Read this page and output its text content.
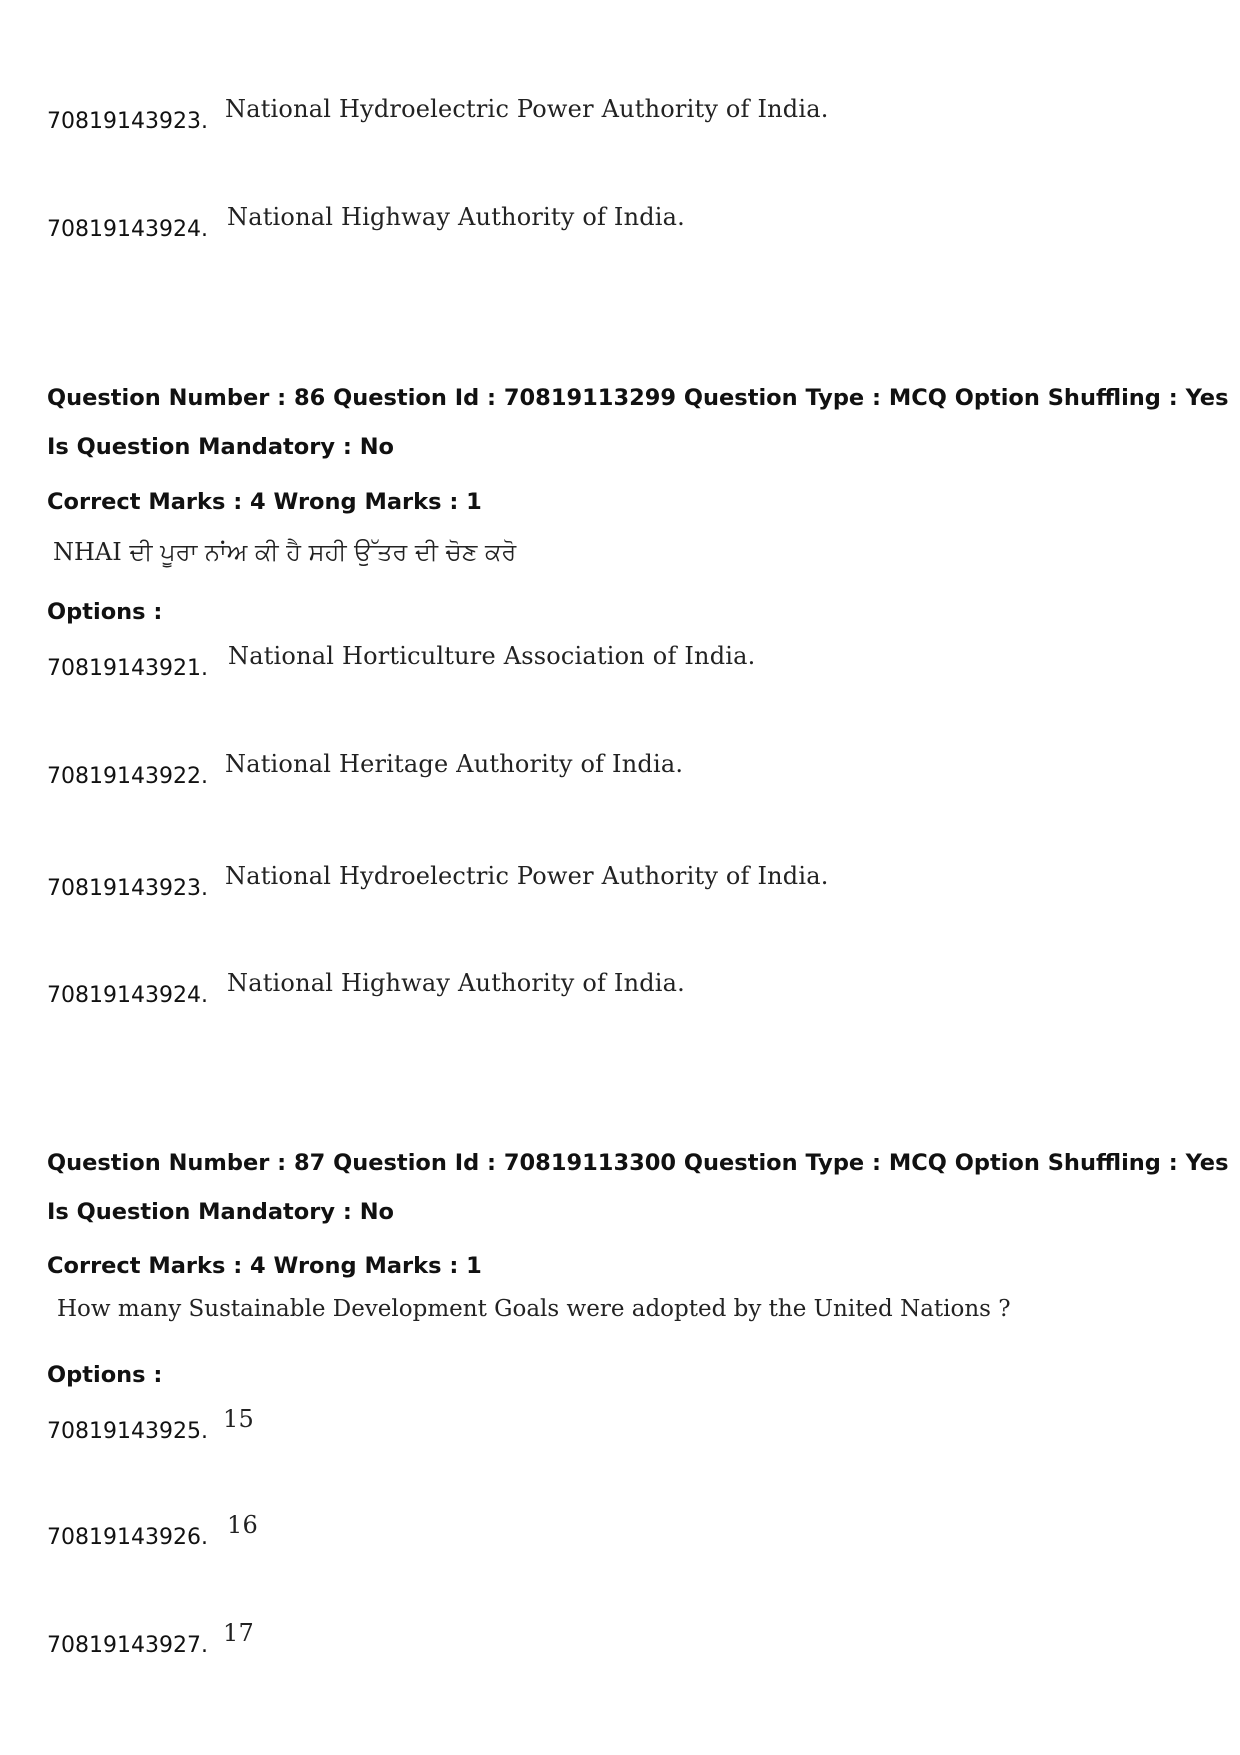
70819143923. National Hydroelectric Power Authority of India.
70819143924. National Highway Authority of India.
Question Number : 86 Question Id : 70819113299 Question Type : MCQ Option Shuffling : Yes
Is Question Mandatory : No
Correct Marks : 4 Wrong Marks : 1
NHAI ਦੀ ਪੂਰਾ ਨਾਂਅ ਕੀ ਹੈ ਸਹੀ ਉੱਤਰ ਦੀ ਚੋਣ ਕਰੋ
Options :
70819143921. National Horticulture Association of India.
70819143922. National Heritage Authority of India.
70819143923. National Hydroelectric Power Authority of India.
70819143924. National Highway Authority of India.
Question Number : 87 Question Id : 70819113300 Question Type : MCQ Option Shuffling : Yes
Is Question Mandatory : No
Correct Marks : 4 Wrong Marks : 1
How many Sustainable Development Goals were adopted by the United Nations ?
Options :
70819143925. 15
70819143926. 16
70819143927. 17
